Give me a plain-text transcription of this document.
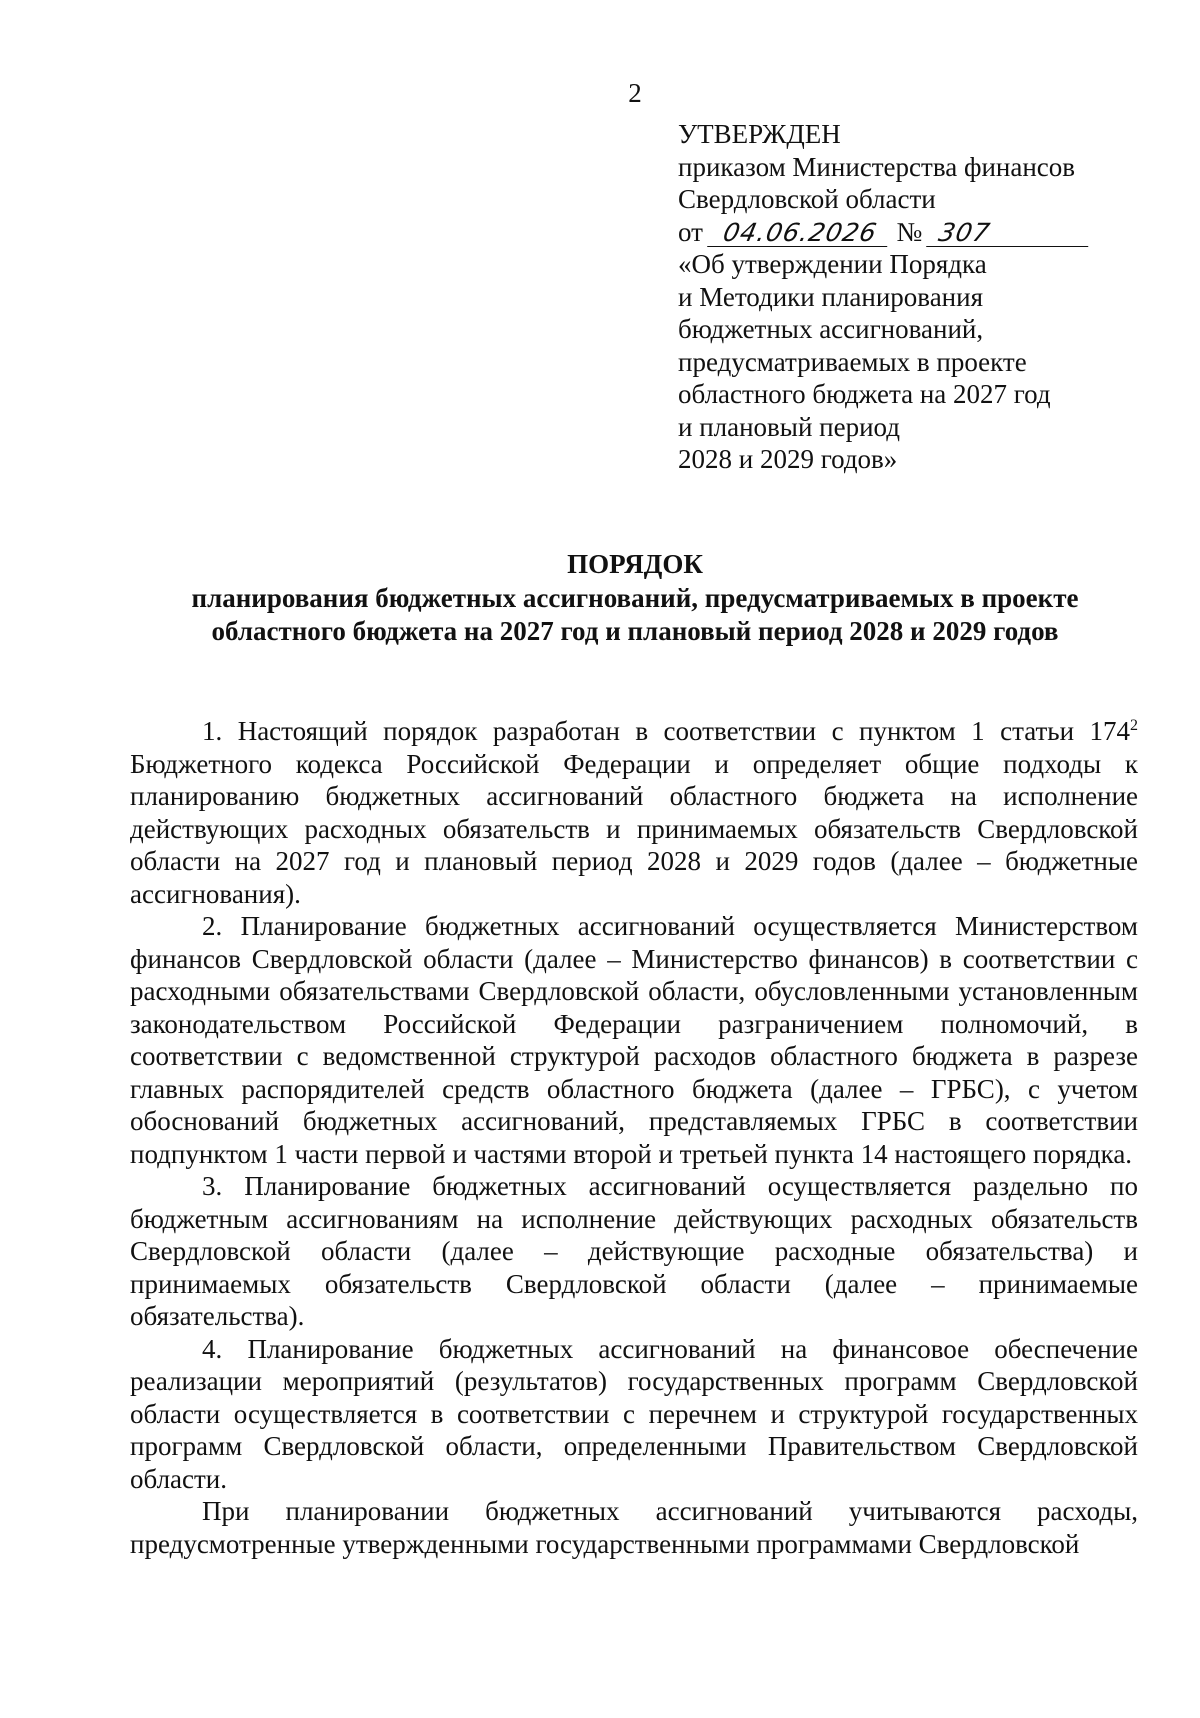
2
УТВЕРЖДЕН
приказом Министерства финансов
Свердловской области
от 04.06.2026 № 307
«Об утверждении Порядка
и Методики планирования
бюджетных ассигнований,
предусматриваемых в проекте
областного бюджета на 2027 год
и плановый период
2028 и 2029 годов»
ПОРЯДОК
планирования бюджетных ассигнований, предусматриваемых в проекте
областного бюджета на 2027 год и плановый период 2028 и 2029 годов

1. Настоящий порядок разработан в соответствии с пунктом 1 статьи $174^2$ Бюджетного кодекса Российской Федерации и определяет общие подходы к планированию бюджетных ассигнований областного бюджета на исполнение действующих расходных обязательств и принимаемых обязательств Свердловской области на 2027 год и плановый период 2028 и 2029 годов (далее – бюджетные ассигнования).

2. Планирование бюджетных ассигнований осуществляется Министерством финансов Свердловской области (далее – Министерство финансов) в соответствии с расходными обязательствами Свердловской области, обусловленными установленным законодательством Российской Федерации разграничением полномочий, в соответствии с ведомственной структурой расходов областного бюджета в разрезе главных распорядителей средств областного бюджета (далее – ГРБС), с учетом обоснований бюджетных ассигнований, представляемых ГРБС в соответствии подпунктом 1 части первой и частями второй и третьей пункта 14 настоящего порядка.

3. Планирование бюджетных ассигнований осуществляется раздельно по бюджетным ассигнованиям на исполнение действующих расходных обязательств Свердловской области (далее – действующие расходные обязательства) и принимаемых обязательств Свердловской области (далее – принимаемые обязательства).

4. Планирование бюджетных ассигнований на финансовое обеспечение реализации мероприятий (результатов) государственных программ Свердловской области осуществляется в соответствии с перечнем и структурой государственных программ Свердловской области, определенными Правительством Свердловской области.

При планировании бюджетных ассигнований учитываются расходы, предусмотренные утвержденными государственными программами Свердловской
